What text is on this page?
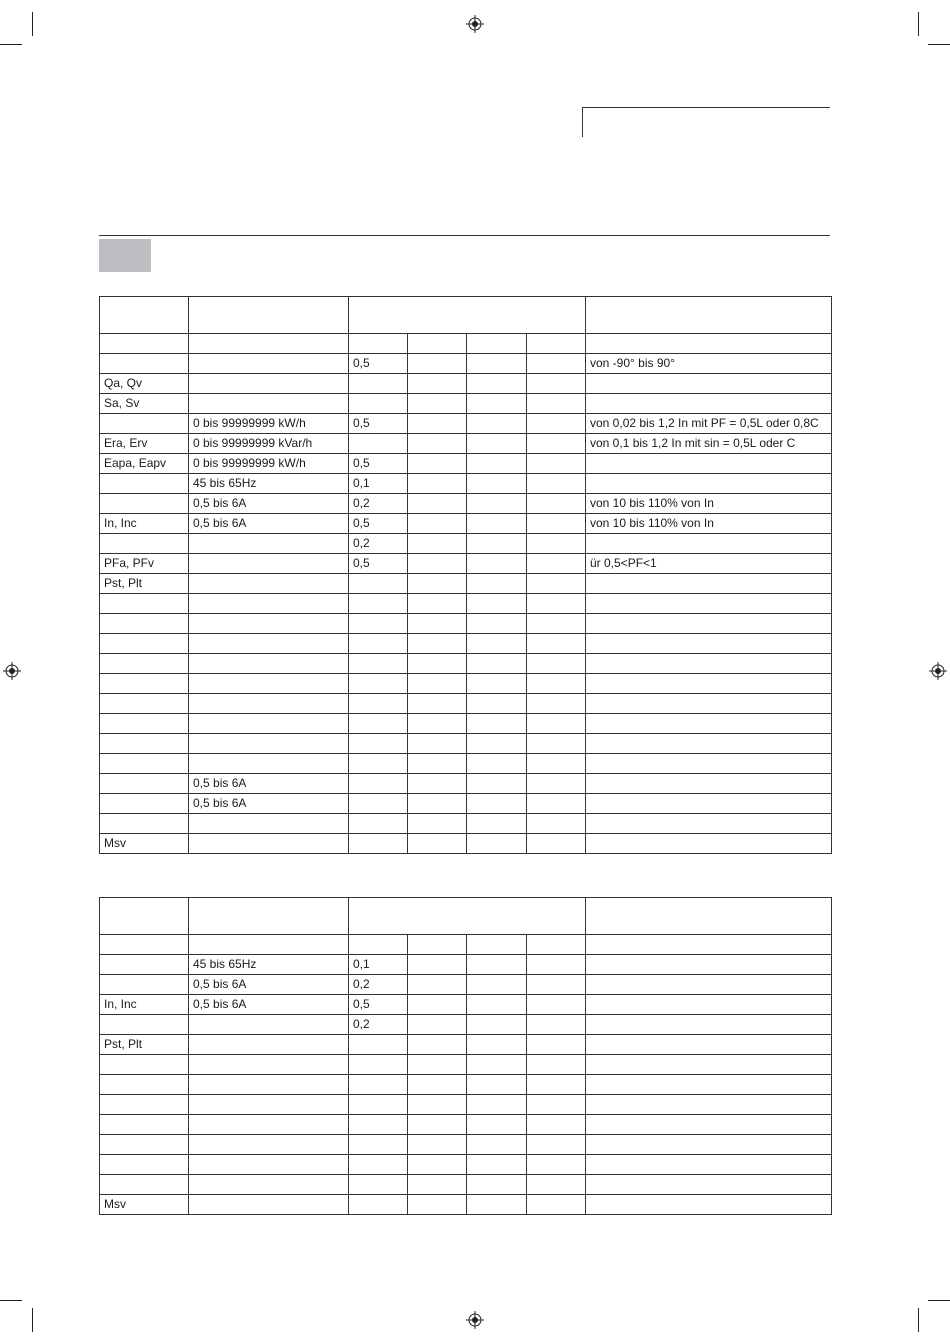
		0,5				von -90° bis 90°
Qa, Qv						
Sa, Sv						
	0 bis 99999999 kW/h	0,5				von 0,02 bis 1,2 In mit PF = 0,5L oder 0,8C
Era, Erv	0 bis 99999999 kVar/h					von 0,1 bis 1,2 In mit sin = 0,5L oder C
Eapa, Eapv	0 bis 99999999 kW/h	0,5				
	45 bis 65Hz	0,1				
	0,5 bis 6A	0,2				von 10 bis 110% von In
In, Inc	0,5 bis 6A	0,5				von 10 bis 110% von In
		0,2				
PFa, PFv		0,5				ür 0,5<PF<1
Pst, Plt						

	0,5 bis 6A					
	0,5 bis 6A					

Msv						

	45 bis 65Hz	0,1				
	0,5 bis 6A	0,2				
In, Inc	0,5 bis 6A	0,5				
		0,2				
Pst, Plt						

Msv						
